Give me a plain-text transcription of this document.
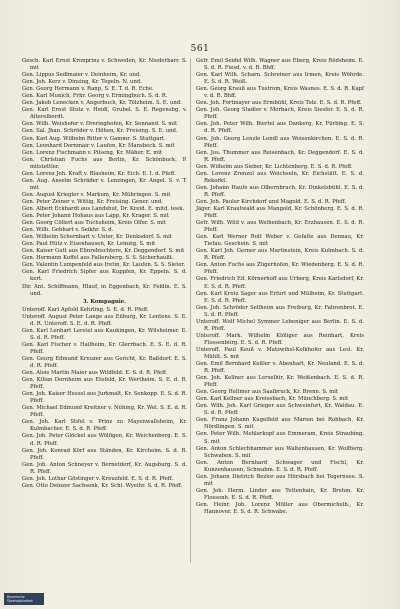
561

Gesch. Karl Ernst Kronprinz v. Schweden, Kr. Niederbarr. S. mit

Gen. Lippus Sedlmaier v. Deinheim, Kr. und.

Gen. Joh. Kerz v. Dinsing, Kr. Tegeln. N. und.

Gen. Georg Hermann v. Ranp. S. E. T. d. R. Eche.

Gen. Karl Munich, Frhr. Georg v. Ermingbuch. S. d. R.

Gen. Jakob Lenecken v. Angerbuch, Kr. Tölzheim. S. E. und.

Gen. Karl Ernst Stutz v. Heidl, Grubel. S. E. Regensbg. v. Alterelberdt.

Gen. Wilh. Weishofer v. Dreringhofen, Kr. Sennand. S. mit

Gen. Sal. Jhan. Schröder v. Höhen, Kr. Freising. S. E. und.

Gen. Karl Aug. Wilhelm Ritter v. Gammr. S. Stuttgart.

Gen. Leonhard Dornmair v. Laufen, Kr. Mansbeck. S. mit

Gen. Lorenz Fischmann v. Pilseng, Kr. Mäher. E. mit

Gen. Christian Fuchs aus Berlin, Kr. Schönbuck, P. mitstettler.

Gen. Lorenz Joh. Kraft v. Blasheim, Kr. Eich. E. I. d. Pfeff.

Gen. Aug. Anselm Schräder v. Lenzingen, Kr. Angel. S. v. T. mit

Gen. August Kriegler v. Markum, Kr. Mühringen. S. mit

Gen. Peter Zeiner v. Wittig, Kr. Freising. Gener. und.

Gen. Albert Eckhardt aus Landshut, Dr. Kreid. E. mitd. teek.

Gen. Peter Johann Hohaus aus Lapp, Kr. Krager. S. mit

Gen. Georg Cöllert aus Tuchsheim, Kreis Olfer. S. mit

Gen. Wilh. Gebhart v. Seikhr. S. d.

Gen. Wilhelm Schernbart v. Unter, Kr. Denksdorf. S. mit

Gen. Paul Hütz v. Eisenhausen, Kr. Leinzig. S. mit

Gen. Kaiser Gutt aus Elinrebischtere, Kr. Deggendorf. S. mit

Gen. Hermann Koffel aus Fallersberg. S. S. Sicherhaußt.

Gen. Valentin Lumpenfeld aus Iretin, Kr. Laufen. S. S. Sieter.

Gen. Karl Friedrich Sipfer aus Kuppfen, Kr. Eppeln. S. d. kert.

Dir. Ant. Schiffmann, Hlauf, in Eggenbach, Kr. Feldin. E. S. und.

3. Kompagnie.

Unteroff. Karl Apfold Kehrling. S. E. d. R. Pfeff.

Unteroff. August Peter Lange aus Eilburg, Kr. Lentens. S. E. d. R. Unteroff. S. E. d. R. Pfeff.

Gen. Karl Lenhart Lerstel aus Kaukingen, Kr. Wilsheimer. E. S. d. R. Pfeff.

Gen. Karl Fischer v. Hailheim, Kr. Glerrbach. E. S. E. d. R. Pfeff.

Gen. Georg Edmund Kreuzer aus Gericht, Kr. Baßdorf. E. S. d. R. Pfeff.

Gen. Alois Martin Maier aus Wildfeld. E. S. d. R. Pfeff.

Gen. Kilian Dornheim aus Etefeld, Kr. Wertheim. S. E. d. R. Pfeff.

Gen. Joh. Kaiser Hessel aus Jurkmalt, Kr. Senkopp. E. S. d. R. Pfeff.

Gen. Michael Edmund Kreitner v. Nühing, Kr. Wel. S. E. d. R. Pfeff.

Gen. Joh. Karl Stifel v. Prinz zu Mayenwallsheim, Kr. Kulmbacher. E. S. d. R. Pfeff.

Gen. Joh. Peter Glöckel aus Wölfigen, Kr. Weichenberg. E. S. d. R. Pfeff.

Gen. Joh. Konrad Körf aus Ständen, Kr. Kircheim. S. d. R. Pfeff.

Gen. Joh. Anton Schneyer v. Bernetdorf, Kr. Augsburg. S. d. R. Pfeff.

Gen. Joh. Lothar Göstinger v. Kreuzfeld. E. S. d. R. Pfeff.

Gen. Otto Deinzer Sachsenk, Kr. Schl. Wyeihr. S. d. R. Pfeff.

Gefr. Emil Seidel Wilh. Wagner aus Eberg, Kreis Rödsheim. E. S. d. R. Fiesd. v. d. R. Bhff.

Gen. Karl Wilh. Scharn. Schreiner aus Irmen, Kreis Wöhrde. E. S. d. R. Weiß.

Gen. Georg Krauß aus Tustrom, Kreis Wasnes. E. S. d. R. Kapf v. d. R. Bhff.

Gen. Joh. Fortmayer aus Ermbühl, Kreis Tolz. E. S. d. R. Pfeff.

Gen. Joh. Georg Stadler v. Morbach, Kreis Siesfer. E. S. d. R. Pfeff.

Gen. Joh. Peter Wilh. Biertel aus Dankerg, Kr. Fürbing. E. S. d. R. Pfeff.

Gen. Joh. Georg Lenzle Lendl aus Weisenkirchen. E. S. d. R. Pfeff.

Gen. Jos. Thummer aus Reisenbach, Kr. Deggendorf. E. S. d. R. Pfeff.

Gen. Wilhelm aus Sieber, Kr. Lichtenberg. E. S. d. R. Pfeff.

Gen. Lorenz Zrenzel aus Weichseln, Kr. Eichstätt. E. S. d. Rekorkt.

Gen. Johann Haufe aus Olbernbruch, Kr. Dinkelsbühl. E. S. d. R. Pfeff.

Gen. Joh. Pauler Kirchdorf und Magold. E. S. d. R. Pfeff.

Jäger. Karl Krautwald aus Mangold, Kr. Schönberg. E. S. d. R. Pfeff.

Gefr. Wilh. Wild v. aus Weihenbach, Kr. Erzhausen. E. S. d. R. Pfeff.

Gen. Karl Werner Rolf Weber v. Gefalte aus Dennau, Kr. Tiefau. Geschein. S. mit

Gen. Karl Joh. Gerner aus Martinstein, Kreis Kulmbach. S. d. R. Pfeff.

Gen. Anton Fuchs aus Zügerhofen, Kr. Wiedenberg. E. S. d. R. Pfeff.

Gen. Friedrich Ed. Körnerhoff aus Urberg, Kreis Karlsdorf, Kr. E. S. d. R. Pfeff.

Gen. Karl Krotz Sager aus Erfurt und Mülheim, Kr. Stuttgart. E. S. d. R. Pfeff.

Gen. Joh. Schröder Sellheim aus Freiburg, Kr. Fahrenbrot. E. S. d. R. Pfeff.

Unteroff. Wolf Michel Symmer Lebeniger aus Berlin. E. S. d. R. Pfeff.

Unteroff. Mark. Wilhelm Klöliger aus Reinhart, Kreis Flossenbürg. E. S. d. R. Pfeff.

Unteroff. Paul Keuß v. Matzwihsl-Kolkhofer aus Lesl. Kr. Mühlt. S. mit

Gen. Emil Bernhard Keßler v. Abenhart, Kr. Neuland. E. S. d. R. Pfeff.

Gen. Joh. Kellner aus Lerselhir, Kr. Weißenbach. E. S. d. R. Pfeff.

Gen. Georg Hellmer aus Saalbruck, Kr. Brenn. S. mit

Gen. Karl Kellner aus Kreisebach, Kr. Münchberg. S. mit

Gen. Wilh. Joh. Karl Grieger aus Schweinfurt, Kr. Waldau. E. S. d. R. Pfeff.

Gen. Franz Johann Kugelfeld aus Marien bei Rohbach, Kr. Nördlingen. S. mit

Gen. Peter Wilh. Mehlerkopf aus Emmeram, Kreis Straubing. S. mit

Gen. Anton Schlechhammer aus Waltenhausen, Kr. Wolfberg. Schwaben. S. mit

Gen. Anton Bernhard Schwager und Fischl, Kr. Kunzenhausen, Schwabm. E. S. d. R. Pfeff.

Gen. Johann Dietrich Bezlor aus Hörsbach bei Tegernsee. S. mit

Gen. Joh. Herm. Linder aus Tettenhain, Kr. Brehm. Kr. Flossenh. E. S. d. R. Pfeff.

Gen. Heinr. Joh. Lorenz Müller aus Obermichelb., Kr. Hannover. E. S. d. R. Schwabe.

Bayerische
Staatsbibliothek
